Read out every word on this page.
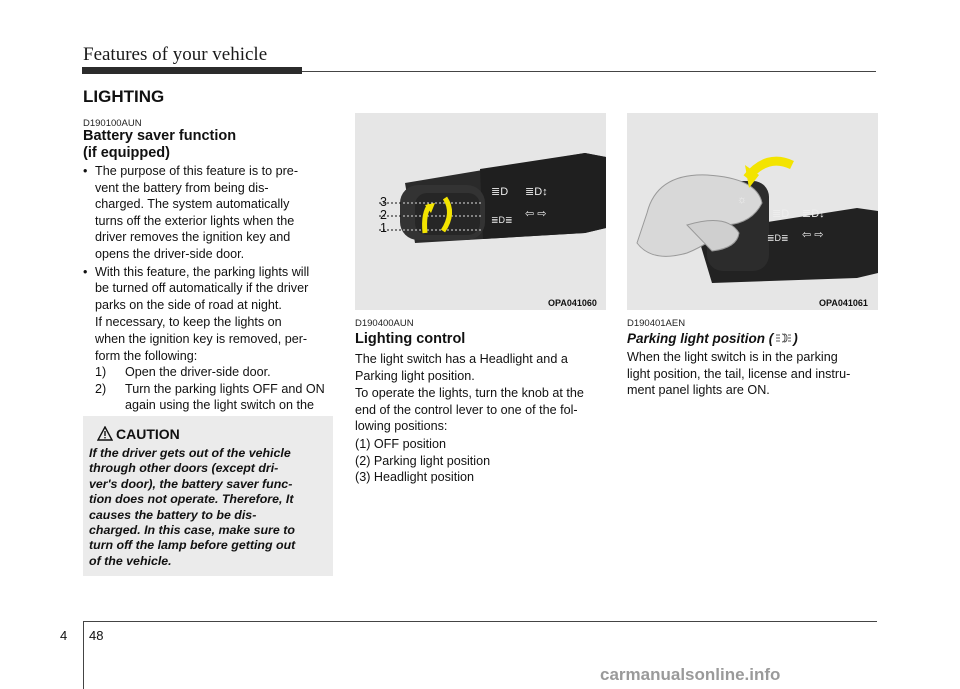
Features of your vehicle
LIGHTING
D190100AUN
Battery saver function
(if equipped)
• The purpose of this feature is to pre-
vent the battery from being dis-
charged. The system automatically
turns off the exterior lights when the
driver removes the ignition key and
opens the driver-side door.
• With this feature, the parking lights will
be turned off automatically if the driver
parks on the side of road at night.
If necessary, to keep the lights on
when the ignition key is removed, per-
form the following:
1) Open the driver-side door.
2) Turn the parking lights OFF and ON
again using the light switch on the
CAUTION
If the driver gets out of the vehicle
through other doors (except dri-
ver's door), the battery saver func-
tion does not operate. Therefore, It
causes the battery to be dis-
charged. In this case, make sure to
turn off the lamp before getting out
of the vehicle.
≣D ≣D↕
⇦ ⇨
≣D≣
3
2
1
OPA041060
☼
≣D ≣D↕
⇦ ⇨
≣D≣
OPA041061
D190400AUN
Lighting control
The light switch has a Headlight and a
Parking light position.
To operate the lights, turn the knob at the
end of the control lever to one of the fol-
lowing positions:
(1) OFF position
(2) Parking light position
(3) Headlight position
D190401AEN
Parking light position ( )
When the light switch is in the parking
light position, the tail, license and instru-
ment panel lights are ON.
4 48
carmanualsonline.info
